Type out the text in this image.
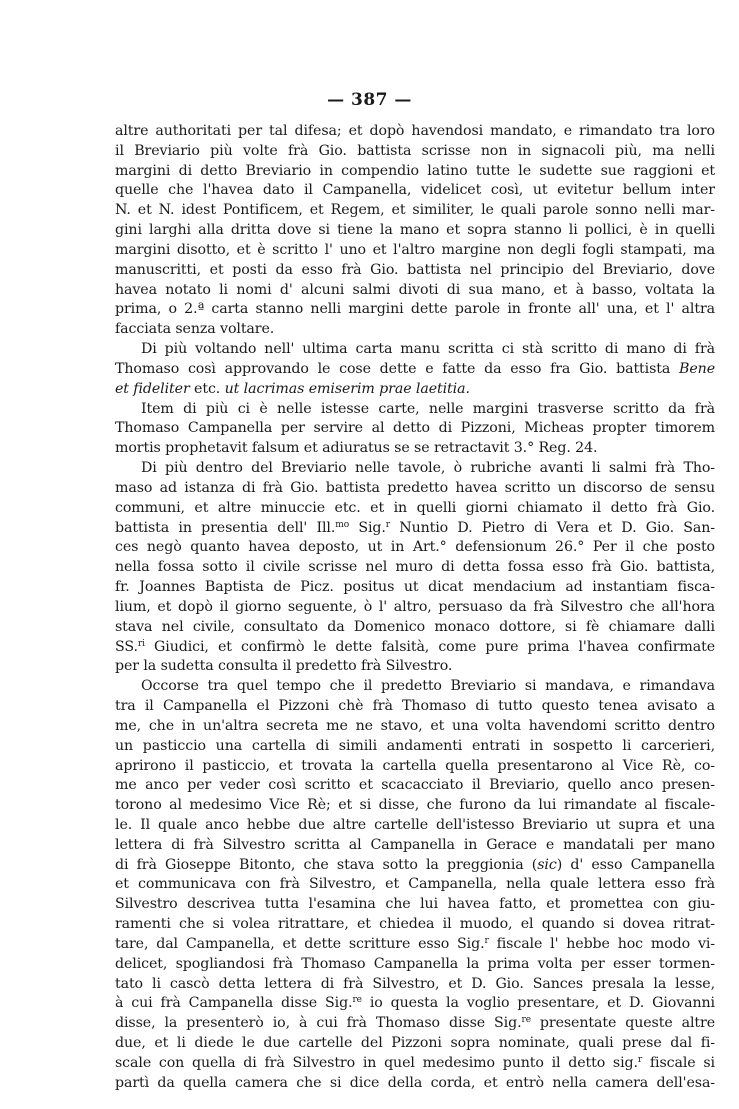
— 387 —
altre authoritati per tal difesa; et dopò havendosi mandato, e rimandato tra loro
il Breviario più volte frà Gio. battista scrisse non in signacoli più, ma nelli
margini di detto Breviario in compendio latino tutte le sudette sue raggioni et
quelle che l'havea dato il Campanella, videlicet così, ut evitetur bellum inter
N. et N. idest Pontificem, et Regem, et similiter, le quali parole sonno nelli mar-
gini larghi alla dritta dove si tiene la mano et sopra stanno li pollici, è in quelli
margini disotto, et è scritto l' uno et l'altro margine non degli fogli stampati, ma
manuscritti, et posti da esso frà Gio. battista nel principio del Breviario, dove
havea notato li nomi d' alcuni salmi divoti di sua mano, et à basso, voltata la
prima, o 2.ª carta stanno nelli margini dette parole in fronte all' una, et l' altra
facciata senza voltare.
Di più voltando nell' ultima carta manu scritta ci stà scritto di mano di frà
Thomaso così approvando le cose dette e fatte da esso fra Gio. battista Bene
et fideliter etc. ut lacrimas emiserim prae laetitia.
Item di più ci è nelle istesse carte, nelle margini trasverse scritto da frà
Thomaso Campanella per servire al detto di Pizzoni, Micheas propter timorem
mortis prophetavit falsum et adiuratus se se retractavit 3.° Reg. 24.
Di più dentro del Breviario nelle tavole, ò rubriche avanti li salmi frà Tho-
maso ad istanza di frà Gio. battista predetto havea scritto un discorso de sensu
communi, et altre minuccie etc. et in quelli giorni chiamato il detto frà Gio.
battista in presentia dell' Ill.$^{mo}$ Sig.$^r$ Nuntio D. Pietro di Vera et D. Gio. San-
ces negò quanto havea deposto, ut in Art.° defensionum 26.° Per il che posto
nella fossa sotto il civile scrisse nel muro di detta fossa esso frà Gio. battista,
fr. Joannes Baptista de Picz. positus ut dicat mendacium ad instantiam fisca-
lium, et dopò il giorno seguente, ò l' altro, persuaso da frà Silvestro che all'hora
stava nel civile, consultato da Domenico monaco dottore, si fè chiamare dalli
SS.$^{ri}$ Giudici, et confirmò le dette falsità, come pure prima l'havea confirmate
per la sudetta consulta il predetto frà Silvestro.
Occorse tra quel tempo che il predetto Breviario si mandava, e rimandava
tra il Campanella el Pizzoni chè frà Thomaso di tutto questo tenea avisato a
me, che in un'altra secreta me ne stavo, et una volta havendomi scritto dentro
un pasticcio una cartella di simili andamenti entrati in sospetto li carcerieri,
aprirono il pasticcio, et trovata la cartella quella presentarono al Vice Rè, co-
me anco per veder così scritto et scacacciato il Breviario, quello anco presen-
torono al medesimo Vice Rè; et si disse, che furono da lui rimandate al fiscale-
le. Il quale anco hebbe due altre cartelle dell'istesso Breviario ut supra et una
lettera di frà Silvestro scritta al Campanella in Gerace e mandatali per mano
di frà Gioseppe Bitonto, che stava sotto la preggionia (sic) d' esso Campanella
et communicava con frà Silvestro, et Campanella, nella quale lettera esso frà
Silvestro descrivea tutta l'esamina che lui havea fatto, et promettea con giu-
ramenti che si volea ritrattare, et chiedea il muodo, el quando si dovea ritrat-
tare, dal Campanella, et dette scritture esso Sig.$^r$ fiscale l' hebbe hoc modo vi-
delicet, spogliandosi frà Thomaso Campanella la prima volta per esser tormen-
tato li cascò detta lettera di frà Silvestro, et D. Gio. Sances presala la lesse,
à cui frà Campanella disse Sig.$^{re}$ io questa la voglio presentare, et D. Giovanni
disse, la presenterò io, à cui frà Thomaso disse Sig.$^{re}$ presentate queste altre
due, et li diede le due cartelle del Pizzoni sopra nominate, quali prese dal fi-
scale con quella di frà Silvestro in quel medesimo punto il detto sig.$^r$ fiscale si
partì da quella camera che si dice della corda, et entrò nella camera dell'esa-
